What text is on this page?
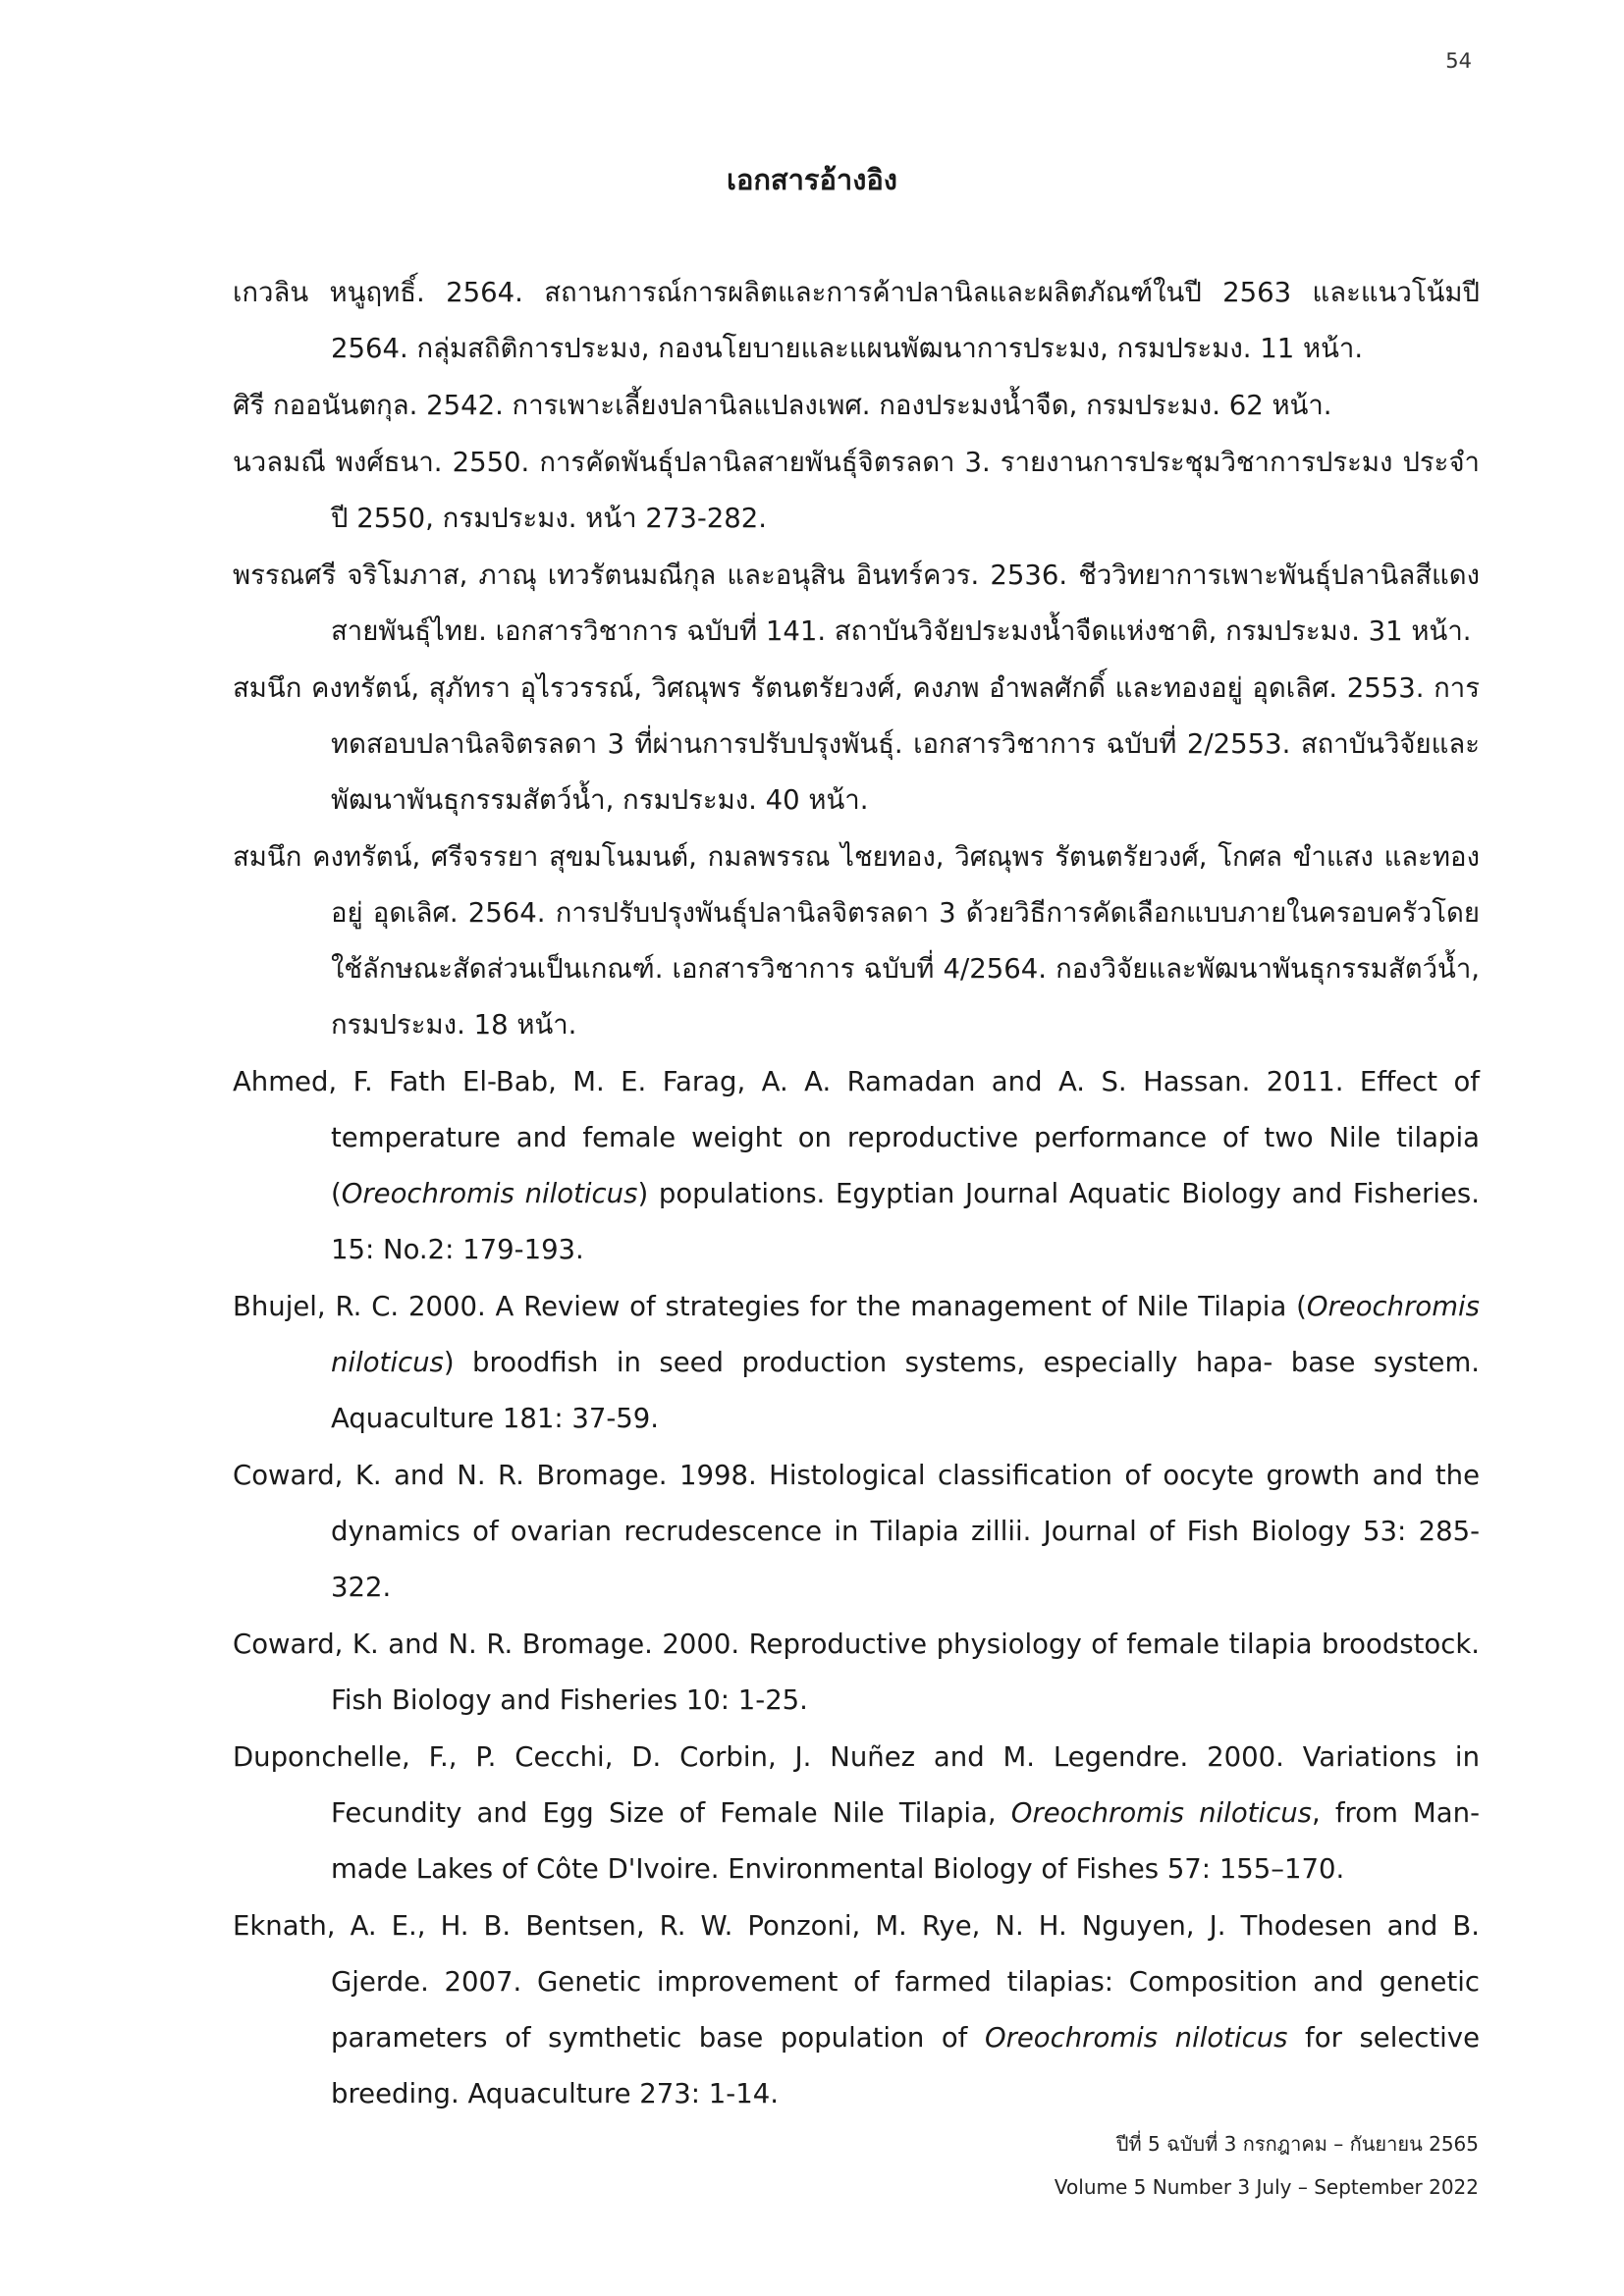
54
เอกสารอ้างอิง

เกวลิน หนูฤทธิ์. 2564. สถานการณ์การผลิตและการค้าปลานิลและผลิตภัณฑ์ในปี 2563 และแนวโน้มปี 2564. กลุ่มสถิติการประมง, กองนโยบายและแผนพัฒนาการประมง, กรมประมง. 11 หน้า.

ศิรี กออนันตกุล. 2542. การเพาะเลี้ยงปลานิลแปลงเพศ. กองประมงน้ำจืด, กรมประมง. 62 หน้า.

นวลมณี พงศ์ธนา. 2550. การคัดพันธุ์ปลานิลสายพันธุ์จิตรลดา 3. รายงานการประชุมวิชาการประมง ประจำปี 2550, กรมประมง. หน้า 273-282.

พรรณศรี จริโมภาส, ภาณุ เทวรัตนมณีกุล และอนุสิน อินทร์ควร. 2536. ชีววิทยาการเพาะพันธุ์ปลานิลสีแดงสายพันธุ์ไทย. เอกสารวิชาการ ฉบับที่ 141. สถาบันวิจัยประมงน้ำจืดแห่งชาติ, กรมประมง. 31 หน้า.

สมนึก คงทรัตน์, สุภัทรา อุไรวรรณ์, วิศณุพร รัตนตรัยวงศ์, คงภพ อำพลศักดิ์ และทองอยู่ อุดเลิศ. 2553. การทดสอบปลานิลจิตรลดา 3 ที่ผ่านการปรับปรุงพันธุ์. เอกสารวิชาการ ฉบับที่ 2/2553. สถาบันวิจัยและพัฒนาพันธุกรรมสัตว์น้ำ, กรมประมง. 40 หน้า.

สมนึก คงทรัตน์, ศรีจรรยา สุขมโนมนต์, กมลพรรณ ไชยทอง, วิศณุพร รัตนตรัยวงศ์, โกศล ขำแสง และทองอยู่ อุดเลิศ. 2564. การปรับปรุงพันธุ์ปลานิลจิตรลดา 3 ด้วยวิธีการคัดเลือกแบบภายในครอบครัวโดยใช้ลักษณะสัดส่วนเป็นเกณฑ์. เอกสารวิชาการ ฉบับที่ 4/2564. กองวิจัยและพัฒนาพันธุกรรมสัตว์น้ำ, กรมประมง. 18 หน้า.

Ahmed, F. Fath El-Bab, M. E. Farag, A. A. Ramadan and A. S. Hassan. 2011. Effect of temperature and female weight on reproductive performance of two Nile tilapia (Oreochromis niloticus) populations. Egyptian Journal Aquatic Biology and Fisheries. 15: No.2: 179-193.

Bhujel, R. C. 2000. A Review of strategies for the management of Nile Tilapia (Oreochromis niloticus) broodfish in seed production systems, especially hapa- base system. Aquaculture 181: 37-59.

Coward, K. and N. R. Bromage. 1998. Histological classification of oocyte growth and the dynamics of ovarian recrudescence in Tilapia zillii. Journal of Fish Biology 53: 285-322.

Coward, K. and N. R. Bromage. 2000. Reproductive physiology of female tilapia broodstock. Fish Biology and Fisheries 10: 1-25.

Duponchelle, F., P. Cecchi, D. Corbin, J. Nuñez and M. Legendre. 2000. Variations in Fecundity and Egg Size of Female Nile Tilapia, Oreochromis niloticus, from Man-made Lakes of Côte D'Ivoire. Environmental Biology of Fishes 57: 155–170.

Eknath, A. E., H. B. Bentsen, R. W. Ponzoni, M. Rye, N. H. Nguyen, J. Thodesen and B. Gjerde. 2007. Genetic improvement of farmed tilapias: Composition and genetic parameters of symthetic base population of Oreochromis niloticus for selective breeding. Aquaculture 273: 1-14.

ปีที่ 5 ฉบับที่ 3 กรกฎาคม – กันยายน 2565
Volume 5 Number 3 July – September 2022
